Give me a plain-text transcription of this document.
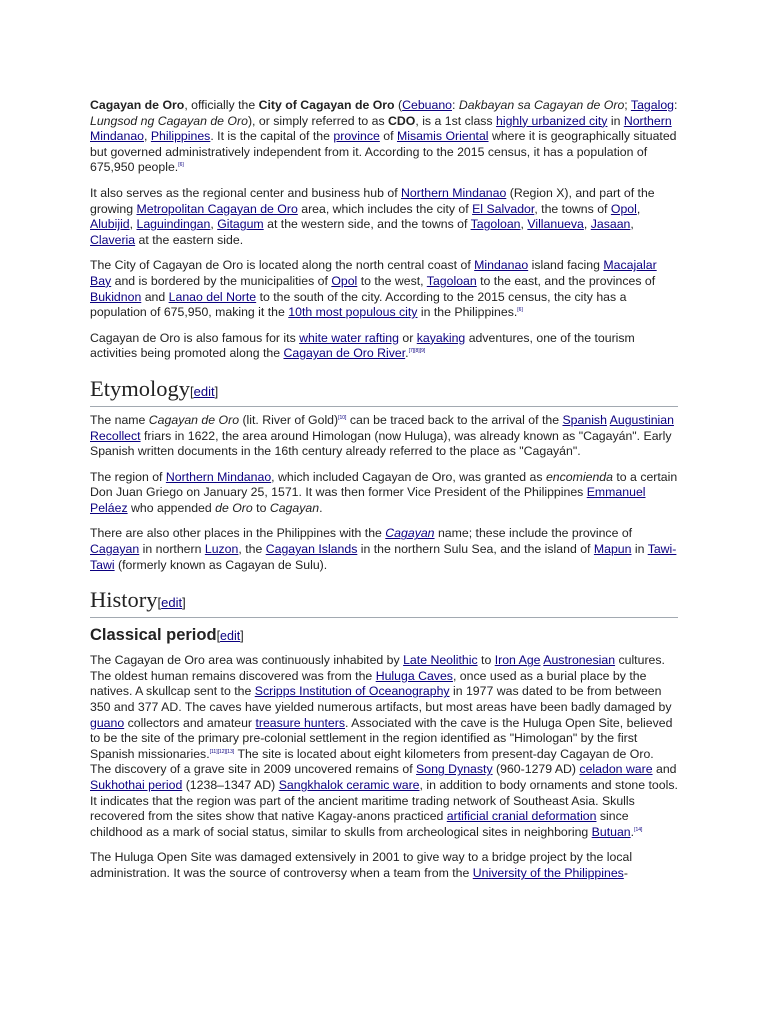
Cagayan de Oro, officially the City of Cagayan de Oro (Cebuano: Dakbayan sa Cagayan de Oro; Tagalog: Lungsod ng Cagayan de Oro), or simply referred to as CDO, is a 1st class highly urbanized city in Northern Mindanao, Philippines. It is the capital of the province of Misamis Oriental where it is geographically situated but governed administratively independent from it. According to the 2015 census, it has a population of 675,950 people.[6]

It also serves as the regional center and business hub of Northern Mindanao (Region X), and part of the growing Metropolitan Cagayan de Oro area, which includes the city of El Salvador, the towns of Opol, Alubijid, Laguindingan, Gitagum at the western side, and the towns of Tagoloan, Villanueva, Jasaan, Claveria at the eastern side.

The City of Cagayan de Oro is located along the north central coast of Mindanao island facing Macajalar Bay and is bordered by the municipalities of Opol to the west, Tagoloan to the east, and the provinces of Bukidnon and Lanao del Norte to the south of the city. According to the 2015 census, the city has a population of 675,950, making it the 10th most populous city in the Philippines.[6]

Cagayan de Oro is also famous for its white water rafting or kayaking adventures, one of the tourism activities being promoted along the Cagayan de Oro River.[7][8][9]

Etymology[edit]

The name Cagayan de Oro (lit. River of Gold)[10] can be traced back to the arrival of the Spanish Augustinian Recollect friars in 1622, the area around Himologan (now Huluga), was already known as "Cagayán". Early Spanish written documents in the 16th century already referred to the place as "Cagayán".

The region of Northern Mindanao, which included Cagayan de Oro, was granted as encomienda to a certain Don Juan Griego on January 25, 1571. It was then former Vice President of the Philippines Emmanuel Peláez who appended de Oro to Cagayan.

There are also other places in the Philippines with the Cagayan name; these include the province of Cagayan in northern Luzon, the Cagayan Islands in the northern Sulu Sea, and the island of Mapun in Tawi-Tawi (formerly known as Cagayan de Sulu).

History[edit]
Classical period[edit]

The Cagayan de Oro area was continuously inhabited by Late Neolithic to Iron Age Austronesian cultures. The oldest human remains discovered was from the Huluga Caves, once used as a burial place by the natives. A skullcap sent to the Scripps Institution of Oceanography in 1977 was dated to be from between 350 and 377 AD. The caves have yielded numerous artifacts, but most areas have been badly damaged by guano collectors and amateur treasure hunters. Associated with the cave is the Huluga Open Site, believed to be the site of the primary pre-colonial settlement in the region identified as "Himologan" by the first Spanish missionaries.[11][12][13] The site is located about eight kilometers from present-day Cagayan de Oro. The discovery of a grave site in 2009 uncovered remains of Song Dynasty (960-1279 AD) celadon ware and Sukhothai period (1238–1347 AD) Sangkhalok ceramic ware, in addition to body ornaments and stone tools. It indicates that the region was part of the ancient maritime trading network of Southeast Asia. Skulls recovered from the sites show that native Kagay-anons practiced artificial cranial deformation since childhood as a mark of social status, similar to skulls from archeological sites in neighboring Butuan.[14]

The Huluga Open Site was damaged extensively in 2001 to give way to a bridge project by the local administration. It was the source of controversy when a team from the University of the Philippines-
